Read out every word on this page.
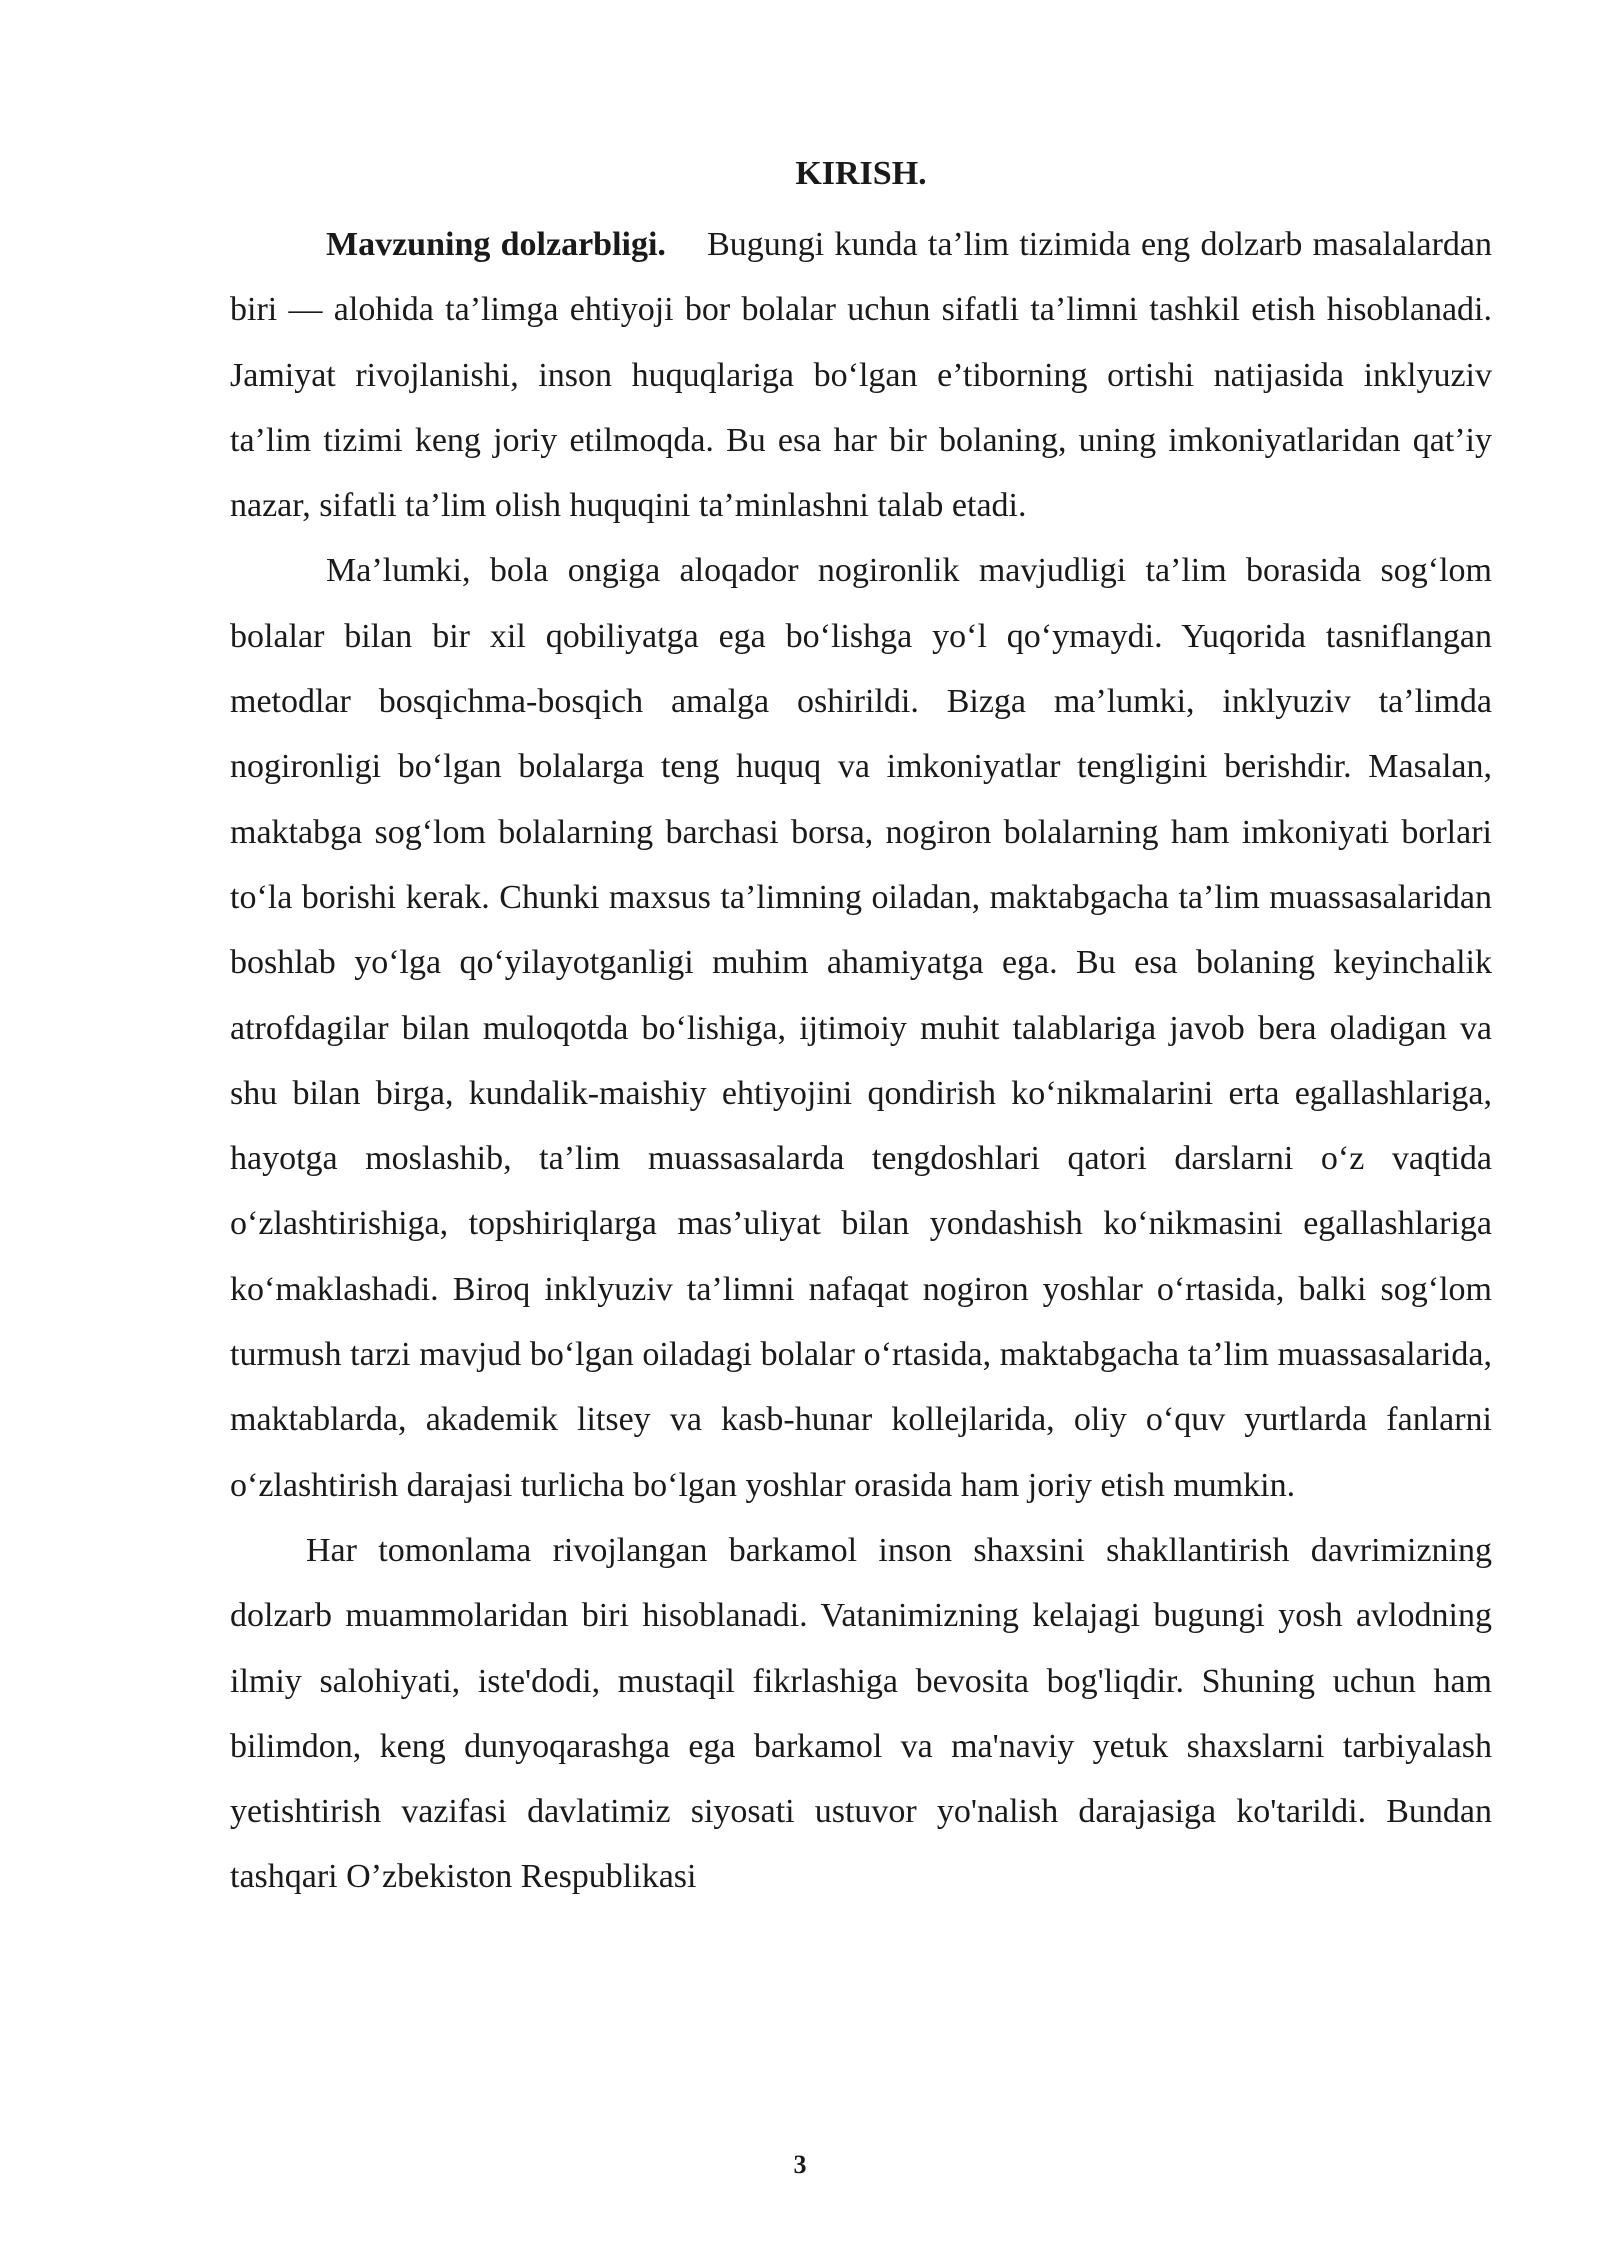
KIRISH.

Mavzuning dolzarbligi. Bugungi kunda ta’lim tizimida eng dolzarb masalalardan biri — alohida ta’limga ehtiyoji bor bolalar uchun sifatli ta’limni tashkil etish hisoblanadi. Jamiyat rivojlanishi, inson huquqlariga bo‘lgan e’tiborning ortishi natijasida inklyuziv ta’lim tizimi keng joriy etilmoqda. Bu esa har bir bolaning, uning imkoniyatlaridan qat’iy nazar, sifatli ta’lim olish huquqini ta’minlashni talab etadi.

Ma’lumki, bola ongiga aloqador nogironlik mavjudligi ta’lim borasida sog‘lom bolalar bilan bir xil qobiliyatga ega bo‘lishga yo‘l qo‘ymaydi. Yuqorida tasniflangan metodlar bosqichma-bosqich amalga oshirildi. Bizga ma’lumki, inklyuziv ta’limda nogironligi bo‘lgan bolalarga teng huquq va imkoniyatlar tengligini berishdir. Masalan, maktabga sog‘lom bolalarning barchasi borsa, nogiron bolalarning ham imkoniyati borlari to‘la borishi kerak. Chunki maxsus ta’limning oiladan, maktabgacha ta’lim muassasalaridan boshlab yo‘lga qo‘yilayotganligi muhim ahamiyatga ega. Bu esa bolaning keyinchalik atrofdagilar bilan muloqotda bo‘lishiga, ijtimoiy muhit talablariga javob bera oladigan va shu bilan birga, kundalik-maishiy ehtiyojini qondirish ko‘nikmalarini erta egallashlariga, hayotga moslashib, ta’lim muassasalarda tengdoshlari qatori darslarni o‘z vaqtida o‘zlashtirishiga, topshiriqlarga mas’uliyat bilan yondashish ko‘nikmasini egallashlariga ko‘maklashadi. Biroq inklyuziv ta’limni nafaqat nogiron yoshlar o‘rtasida, balki sog‘lom turmush tarzi mavjud bo‘lgan oiladagi bolalar o‘rtasida, maktabgacha ta’lim muassasalarida, maktablarda, akademik litsey va kasb-hunar kollejlarida, oliy o‘quv yurtlarda fanlarni o‘zlashtirish darajasi turlicha bo‘lgan yoshlar orasida ham joriy etish mumkin.

Har tomonlama rivojlangan barkamol inson shaxsini shakllantirish davrimizning dolzarb muammolaridan biri hisoblanadi. Vatanimizning kelajagi bugungi yosh avlodning ilmiy salohiyati, iste'dodi, mustaqil fikrlashiga bevosita bog'liqdir. Shuning uchun ham bilimdon, keng dunyoqarashga ega barkamol va ma'naviy yetuk shaxslarni tarbiyalash yetishtirish vazifasi davlatimiz siyosati ustuvor yo'nalish darajasiga ko'tarildi. Bundan tashqari O’zbekiston Respublikasi

3
